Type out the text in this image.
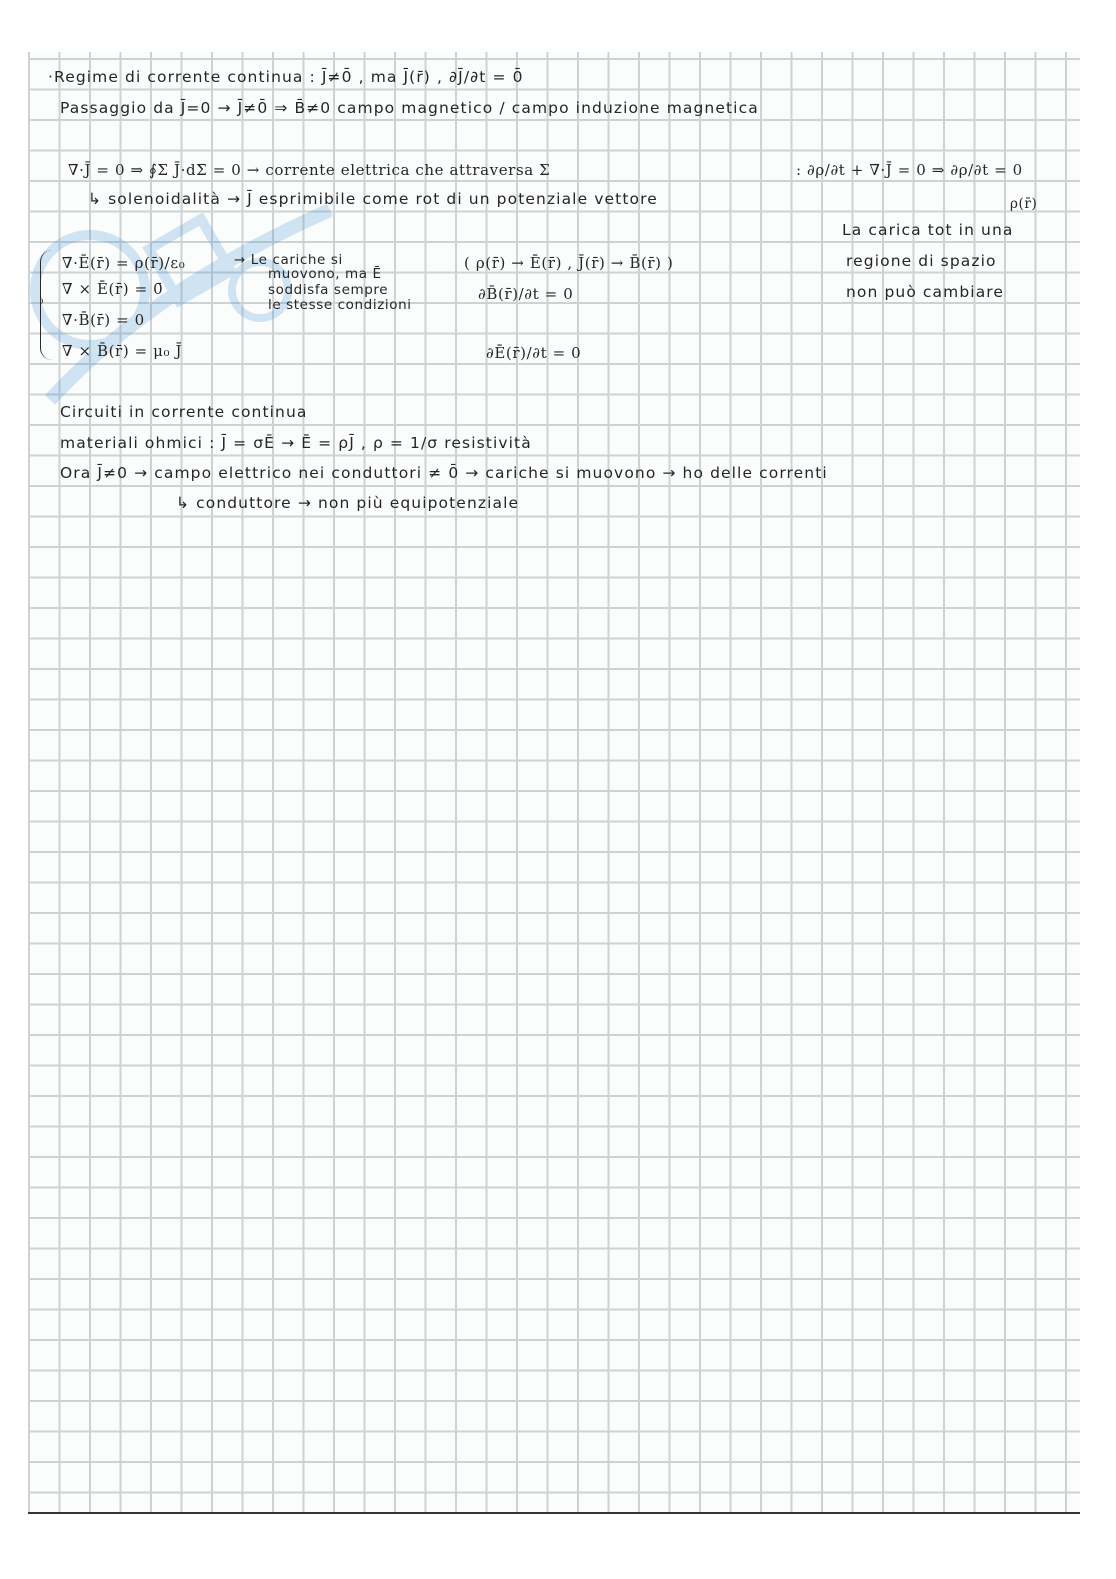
·Regime di corrente continua : J̄≠0̄ , ma J̄(r̄) , ∂J̄/∂t = 0̄
Passaggio da J̄=0 → J̄≠0̄ ⇒ B̄≠0 campo magnetico / campo induzione magnetica
∇̄·J̄ = 0 ⇒ ∮Σ J̄·dΣ̄ = 0 → corrente elettrica che attraversa Σ	: ∂ρ/∂t + ∇̄·J̄ = 0 ⇒ ∂ρ/∂t = 0
ρ(r̄)
↳ solenoidalità → J̄ esprimibile come rot di un potenziale vettore
La carica tot in una
regione di spazio
non può cambiare
∇̄·Ē(r̄) = ρ(r̄)/ε₀
∇̄ × Ē(r̄) = 0̄
∇̄·B̄(r̄) = 0
∇̄ × B̄(r̄) = μ₀ J̄
→ Le cariche si
muovono, ma Ē
soddisfa sempre
le stesse condizioni
( ρ(r̄) → Ē(r̄) , J̄(r̄) → B̄(r̄) )
∂B̄(r̄)/∂t = 0
∂Ē(r̄)/∂t = 0
Circuiti in corrente continua
materiali ohmici : J̄ = σĒ → Ē = ρJ̄ , ρ = 1/σ resistività
Ora J̄≠0 → campo elettrico nei conduttori ≠ 0̄ → cariche si muovono → ho delle correnti
↳ conduttore → non più equipotenziale
